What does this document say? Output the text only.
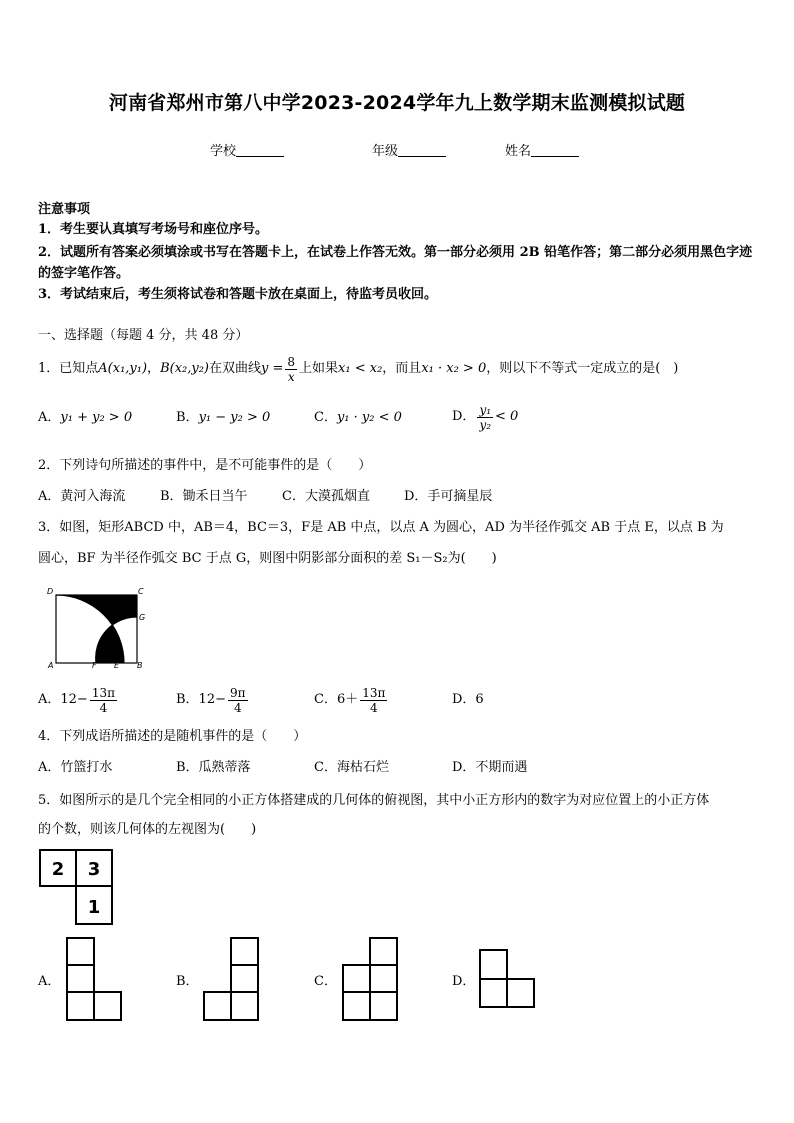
河南省郑州市第八中学2023-2024学年九上数学期末监测模拟试题
学校	年级	姓名
注意事项
1．考生要认真填写考场号和座位序号。
2．试题所有答案必须填涂或书写在答题卡上，在试卷上作答无效。第一部分必须用 2B 铅笔作答；第二部分必须用黑色字迹的签字笔作答。
3．考试结束后，考生须将试卷和答题卡放在桌面上，待监考员收回。
一、选择题（每题 4 分，共 48 分）
1．已知点 A(x₁,y₁) ， B(x₂,y₂) 在双曲线 $y = \frac{8}{x}$ 上如果 x₁ < x₂ ，而且 x₁ · x₂ > 0 ，则以下不等式一定成立的是(　)
A．y₁ + y₂ > 0	B．y₁ − y₂ > 0	C．y₁ · y₂ < 0	D． $\frac{\text{y₁}}{\text{y₂}} < 0$
2．下列诗句所描述的事件中，是不可能事件的是（　　）
A．黄河入海流	B．锄禾日当午	C．大漠孤烟直	D．手可摘星辰
3．如图，矩形ABCD 中，AB＝4，BC＝3，F是 AB 中点，以点 A 为圆心，AD 为半径作弧交 AB 于点 E，以点 B 为
圆心，BF 为半径作弧交 BC 于点 G，则图中阴影部分面积的差 S₁－S₂为(　　)
D	C
G
A	F E B
A．$12- \frac{13\pi}{4}$	B．$12- \frac{9\pi}{4}$	C．$6+ \frac{13\pi}{4}$	D．6
4．下列成语所描述的是随机事件的是（　　）
A．竹篮打水	B．瓜熟蒂落	C．海枯石烂	D．不期而遇
5．如图所示的是几个完全相同的小正方体搭建成的几何体的俯视图，其中小正方形内的数字为对应位置上的小正方体
的个数，则该几何体的左视图为(　　)
2 3
1
A．	B．	C．	D．
